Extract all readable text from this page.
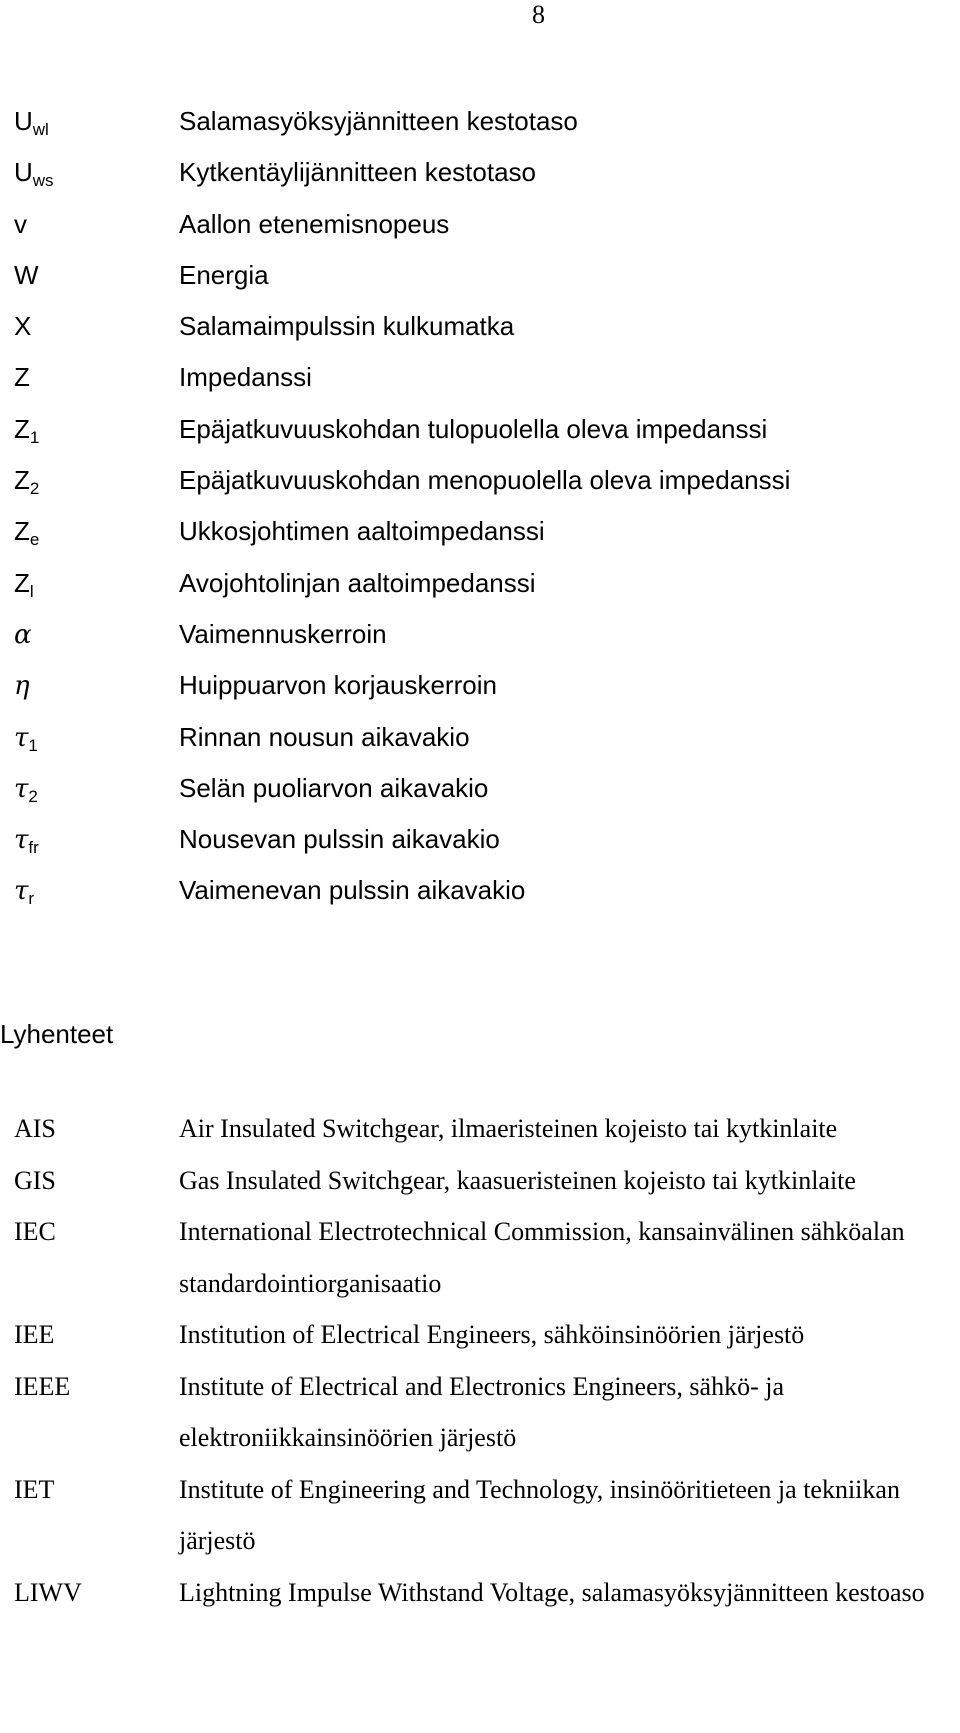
8
$U_{wl}$	Salamasyöksyjännitteen kestotaso
$U_{ws}$	Kytkentäylijännitteen kestotaso
v	Aallon etenemisnopeus
W	Energia
X	Salamaimpulssin kulkumatka
Z	Impedanssi
$Z_1$	Epäjatkuvuuskohdan tulopuolella oleva impedanssi
$Z_2$	Epäjatkuvuuskohdan menopuolella oleva impedanssi
$Z_e$	Ukkosjohtimen aaltoimpedanssi
$Z_l$	Avojohtolinjan aaltoimpedanssi
α	Vaimennuskerroin
η	Huippuarvon korjauskerroin
$\tau_1$	Rinnan nousun aikavakio
$\tau_2$	Selän puoliarvon aikavakio
$\tau_{fr}$	Nousevan pulssin aikavakio
$\tau_r$	Vaimenevan pulssin aikavakio
Lyhenteet
AIS	Air Insulated Switchgear, ilmaeristeinen kojeisto tai kytkinlaite
GIS	Gas Insulated Switchgear, kaasueristeinen kojeisto tai kytkinlaite
IEC	International Electrotechnical Commission, kansainvälinen sähköalan standardointiorganisaatio
IEE	Institution of Electrical Engineers, sähköinsinöörien järjestö
IEEE	Institute of Electrical and Electronics Engineers, sähkö- ja elektroniikkainsinöörien järjestö
IET	Institute of Engineering and Technology, insinööritieteen ja tekniikan järjestö
LIWV	Lightning Impulse Withstand Voltage, salamasyöksyjännitteen kestoaso
